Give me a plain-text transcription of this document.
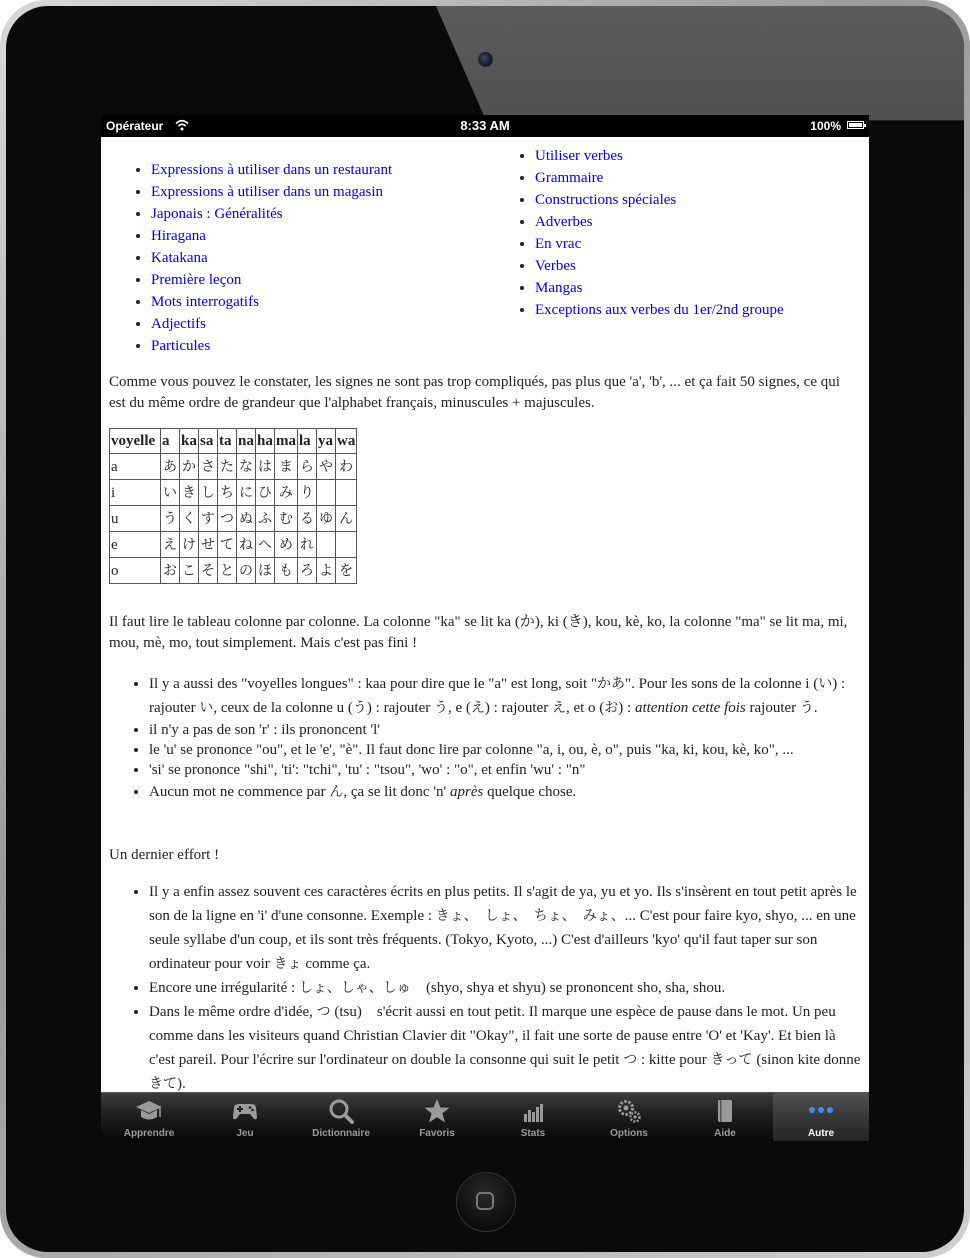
Opérateur	8:33 AM	100%
• Expressions à utiliser dans un restaurant
• Expressions à utiliser dans un magasin
• Japonais : Généralités
• Hiragana
• Katakana
• Première leçon
• Mots interrogatifs
• Adjectifs
• Particules
• Utiliser verbes
• Grammaire
• Constructions spéciales
• Adverbes
• En vrac
• Verbes
• Mangas
• Exceptions aux verbes du 1er/2nd groupe

Comme vous pouvez le constater, les signes ne sont pas trop compliqués, pas plus que 'a', 'b', ... et ça fait 50 signes, ce qui est du même ordre de grandeur que l'alphabet français, minuscules + majuscules.

voyelle	a	ka	sa	ta	na	ha	ma	la	ya	wa
a	あ	か	さ	た	な	は	ま	ら	や	わ
i	い	き	し	ち	に	ひ	み	り		
u	う	く	す	つ	ぬ	ふ	む	る	ゆ	ん
e	え	け	せ	て	ね	へ	め	れ		
o	お	こ	そ	と	の	ほ	も	ろ	よ	を

Il faut lire le tableau colonne par colonne. La colonne "ka" se lit ka (か), ki (き), kou, kè, ko, la colonne "ma" se lit ma, mi, mou, mè, mo, tout simplement. Mais c'est pas fini !

• Il y a aussi des "voyelles longues" : kaa pour dire que le "a" est long, soit "かあ". Pour les sons de la colonne i (い) : rajouter い, ceux de la colonne u (う) : rajouter う, e (え) : rajouter え, et o (お) : attention cette fois rajouter う.
• il n'y a pas de son 'r' : ils prononcent 'l'
• le 'u' se prononce "ou", et le 'e', "è". Il faut donc lire par colonne "a, i, ou, è, o", puis "ka, ki, kou, kè, ko", ...
• 'si' se prononce "shi", 'ti': "tchi", 'tu' : "tsou", 'wo' : "o", et enfin 'wu' : "n"
• Aucun mot ne commence par ん, ça se lit donc 'n' après quelque chose.

Un dernier effort !

• Il y a enfin assez souvent ces caractères écrits en plus petits. Il s'agit de ya, yu et yo. Ils s'insèrent en tout petit après le son de la ligne en 'i' d'une consonne. Exemple : きょ、　しょ、　ちょ、　みょ、... C'est pour faire kyo, shyo, ... en une seule syllabe d'un coup, et ils sont très fréquents. (Tokyo, Kyoto, ...) C'est d'ailleurs 'kyo' qu'il faut taper sur son ordinateur pour voir きょ comme ça.
• Encore une irrégularité : しょ、しゃ、しゅ　(shyo, shya et shyu) se prononcent sho, sha, shou.
• Dans le même ordre d'idée, つ (tsu)　s'écrit aussi en tout petit. Il marque une espèce de pause dans le mot. Un peu comme dans les visiteurs quand Christian Clavier dit "Okay", il fait une sorte de pause entre 'O' et 'Kay'. Et bien là c'est pareil. Pour l'écrire sur l'ordinateur on double la consonne qui suit le petit つ : kitte pour きって (sinon kite donne きて).
Apprendre	Jeu	Dictionnaire	Favoris	Stats	Options	Aide	Autre
